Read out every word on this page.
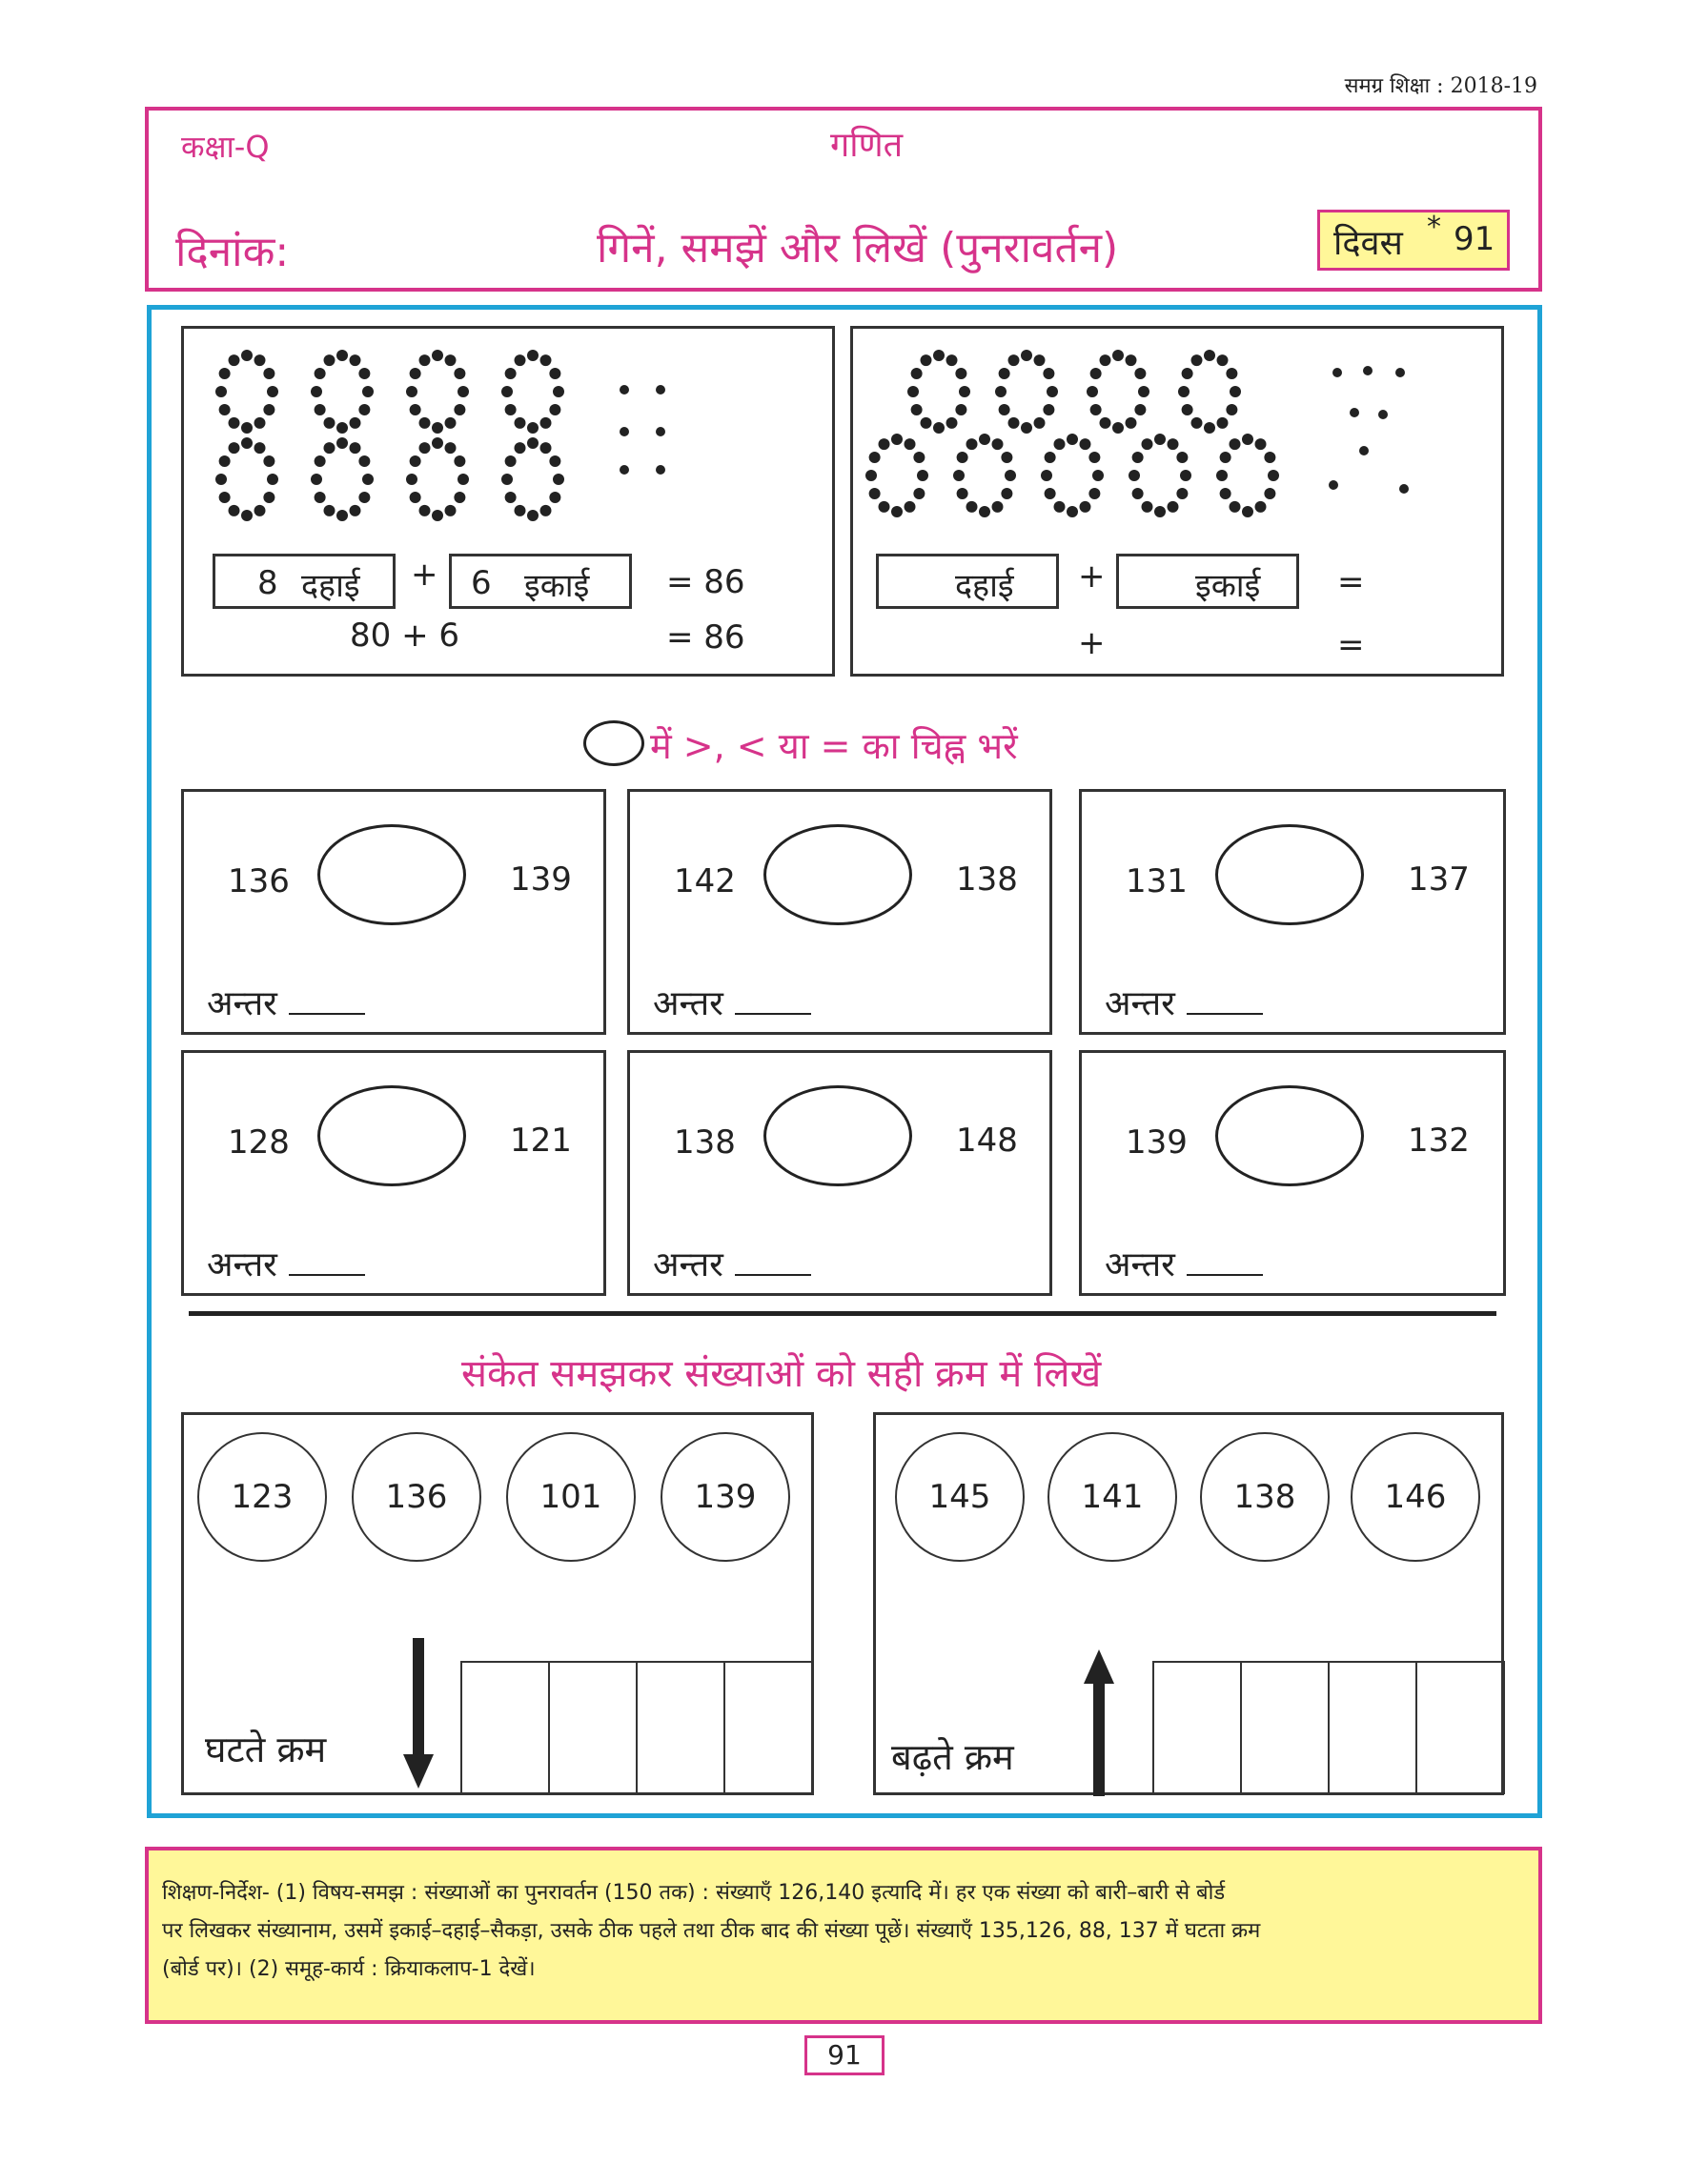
समग्र शिक्षा : 2018-19
कक्षा-Q	गणित
दिनांक:	गिनें, समझें और लिखें (पुनरावर्तन)	दिवस * 91
8 दहाई + 6 इकाई = 86
80 + 6	= 86
दहाई +	इकाई =
+	=
में >, < या = का चिह्न भरें
136	139
अन्तर
142	138
अन्तर
131	137
अन्तर
128	121
अन्तर
138	148
अन्तर
139	132
अन्तर
संकेत समझकर संख्याओं को सही क्रम में लिखें
123	136	101	139
घटते क्रम
145	141	138	146
बढ़ते क्रम
शिक्षण-निर्देश- (1) विषय-समझ : संख्याओं का पुनरावर्तन (150 तक) : संख्याएँ 126,140 इत्यादि में। हर एक संख्या को बारी–बारी से बोर्ड
पर लिखकर संख्यानाम, उसमें इकाई–दहाई–सैकड़ा, उसके ठीक पहले तथा ठीक बाद की संख्या पूछें। संख्याएँ 135,126, 88, 137 में घटता क्रम
(बोर्ड पर)। (2) समूह-कार्य : क्रियाकलाप-1 देखें।
91
